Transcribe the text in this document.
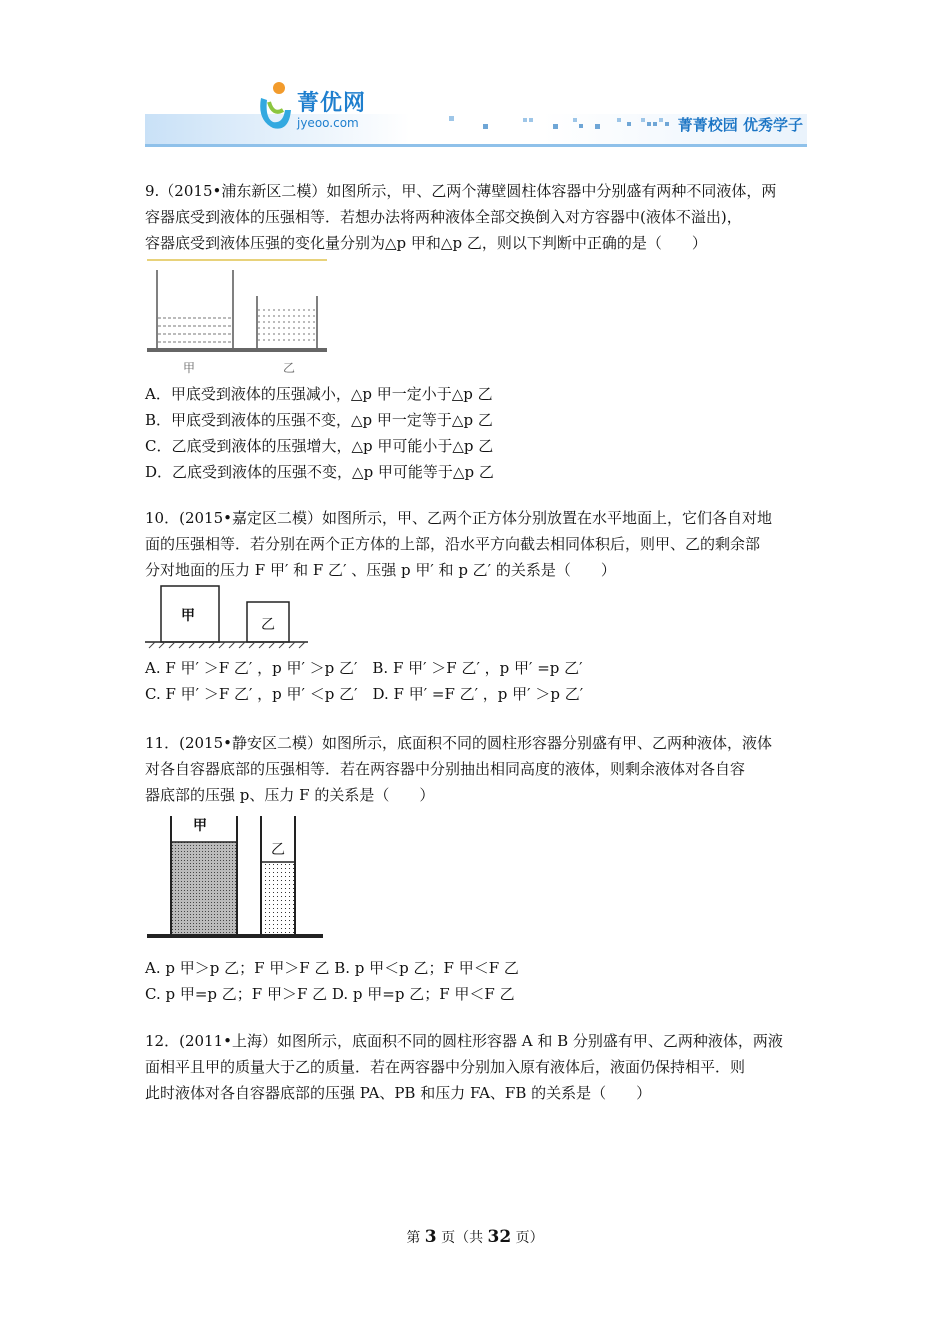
菁优网
jyeoo.com	菁菁校园 优秀学子

9.（2015•浦东新区二模）如图所示，甲、乙两个薄壁圆柱体容器中分别盛有两种不同液体，两

容器底受到液体的压强相等．若想办法将两种液体全部交换倒入对方容器中(液体不溢出)，

容器底受到液体压强的变化量分别为△p 甲和△p 乙，则以下判断中正确的是（　　）

甲	乙

A．甲底受到液体的压强减小，△p 甲一定小于△p 乙

B．甲底受到液体的压强不变，△p 甲一定等于△p 乙

C．乙底受到液体的压强增大，△p 甲可能小于△p 乙

D．乙底受到液体的压强不变，△p 甲可能等于△p 乙

10．(2015•嘉定区二模）如图所示，甲、乙两个正方体分别放置在水平地面上，它们各自对地

面的压强相等．若分别在两个正方体的上部，沿水平方向截去相同体积后，则甲、乙的剩余部

分对地面的压力 F 甲′ 和 F 乙′ 、压强 p 甲′ 和 p 乙′ 的关系是（　　）

甲
乙

A. F 甲′ ＞F 乙′ ，p 甲′ ＞p 乙′　B. F 甲′ ＞F 乙′ ，p 甲′ =p 乙′

C. F 甲′ ＞F 乙′ ，p 甲′ ＜p 乙′　D. F 甲′ =F 乙′ ，p 甲′ ＞p 乙′

11．(2015•静安区二模）如图所示，底面积不同的圆柱形容器分别盛有甲、乙两种液体，液体

对各自容器底部的压强相等．若在两容器中分别抽出相同高度的液体，则剩余液体对各自容

器底部的压强 p、压力 F 的关系是（　　）

甲
乙

A. p 甲＞p 乙；F 甲＞F 乙 B. p 甲＜p 乙；F 甲＜F 乙

C. p 甲=p 乙；F 甲＞F 乙 D. p 甲=p 乙；F 甲＜F 乙

12．(2011•上海）如图所示，底面积不同的圆柱形容器 A 和 B 分别盛有甲、乙两种液体，两液

面相平且甲的质量大于乙的质量．若在两容器中分别加入原有液体后，液面仍保持相平．则

此时液体对各自容器底部的压强 PA、PB 和压力 FA、FB 的关系是（　　）

第 3 页（共 32 页）
